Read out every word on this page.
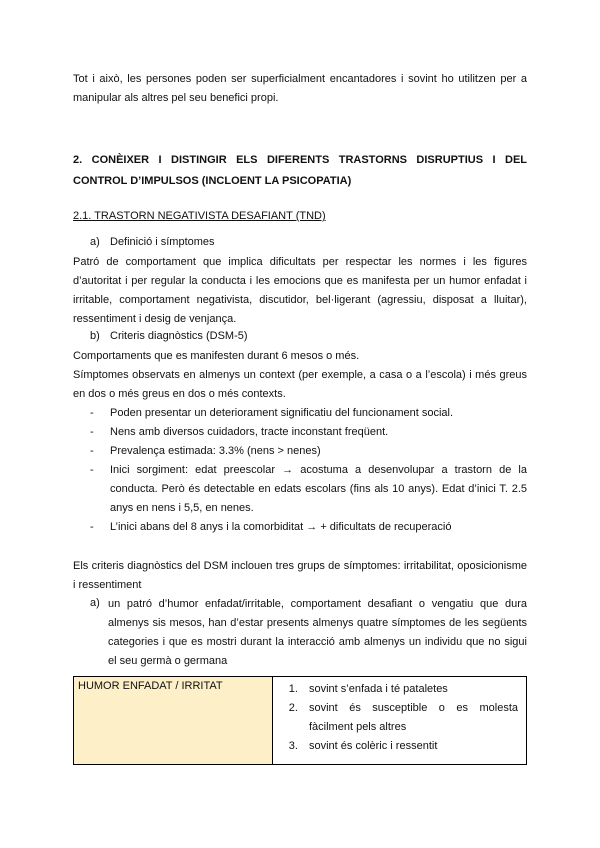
Tot i això, les persones poden ser superficialment encantadores i sovint ho utilitzen per a
manipular als altres pel seu benefici propi.
2. CONÈIXER I DISTINGIR ELS DIFERENTS TRASTORNS DISRUPTIUS I DEL
CONTROL D’IMPULSOS (INCLOENT LA PSICOPATIA)
2.1. TRASTORN NEGATIVISTA DESAFIANT (TND)
a) Definició i símptomes
Patró de comportament que implica dificultats per respectar les normes i les figures
d’autoritat i per regular la conducta i les emocions que es manifesta per un humor enfadat i
irritable, comportament negativista, discutidor, bel·ligerant (agressiu, disposat a lluitar),
ressentiment i desig de venjança.
b) Criteris diagnòstics (DSM-5)
Comportaments que es manifesten durant 6 mesos o més.
Símptomes observats en almenys un context (per exemple, a casa o a l’escola) i més greus
en dos o més greus en dos o més contexts.
- Poden presentar un deteriorament significatiu del funcionament social.
- Nens amb diversos cuidadors, tracte inconstant freqüent.
- Prevalença estimada: 3.3% (nens > nenes)
- Inici sorgiment: edat preescolar → acostuma a desenvolupar a trastorn de la conducta. Però és detectable en edats escolars (fins als 10 anys). Edat d’inici T. 2.5 anys en nens i 5,5, en nenes.
- L’inici abans del 8 anys i la comorbiditat → + dificultats de recuperació
Els criteris diagnòstics del DSM inclouen tres grups de símptomes: irritabilitat, oposicionisme
i ressentiment
a) un patró d’humor enfadat/irritable, comportament desafiant o vengatiu que dura almenys sis mesos, han d’estar presents almenys quatre símptomes de les següents categories i que es mostri durant la interacció amb almenys un individu que no sigui el seu germà o germana
HUMOR ENFADAT / IRRITAT	
1.sovint s’enfada i té pataletes
2. sovint és susceptible o es molesta fàcilment pels altres
3. sovint és colèric i ressentit
